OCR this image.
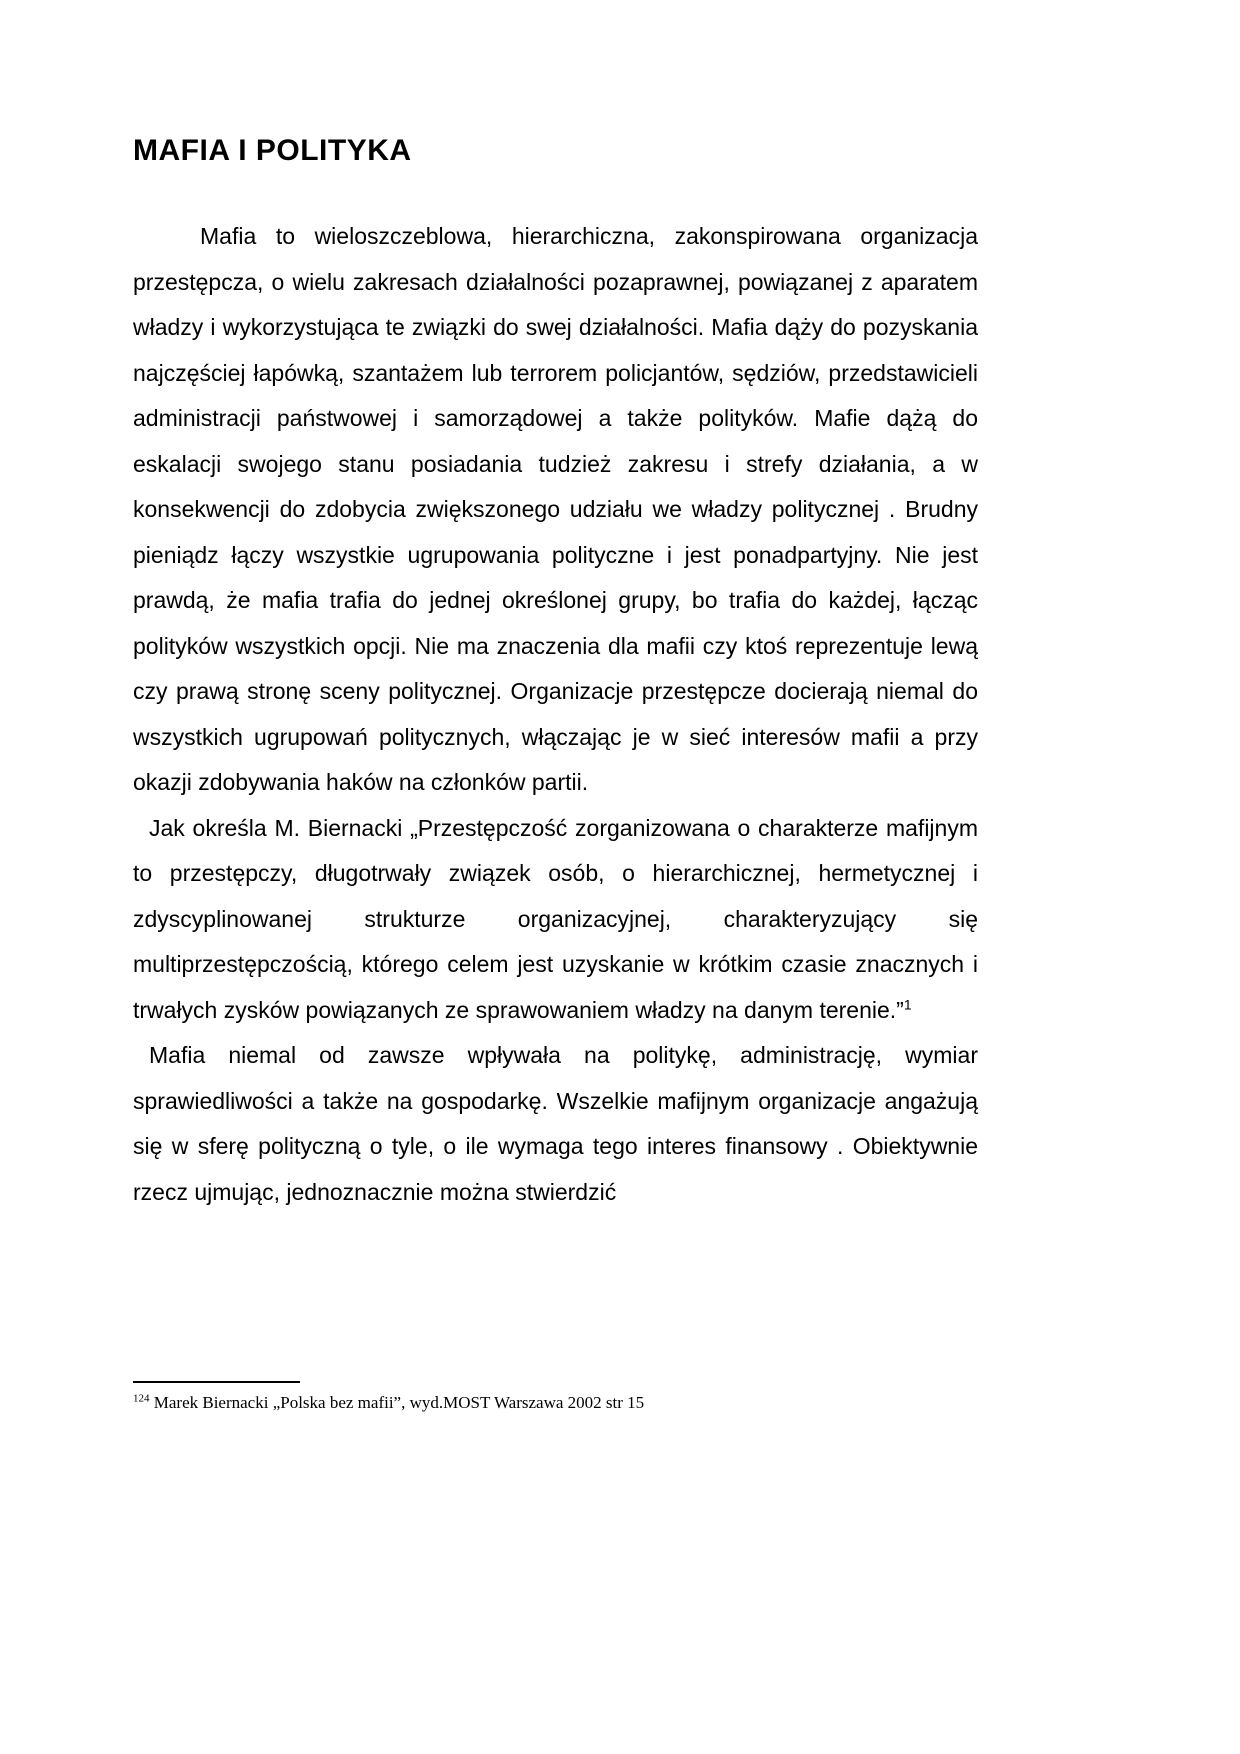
MAFIA I POLITYKA

Mafia to wieloszczeblowa, hierarchiczna, zakonspirowana organizacja przestępcza, o wielu zakresach działalności pozaprawnej, powiązanej z aparatem władzy i wykorzystująca te związki do swej działalności. Mafia dąży do pozyskania najczęściej łapówką, szantażem lub terrorem policjantów, sędziów, przedstawicieli administracji państwowej i samorządowej a także polityków. Mafie dążą do eskalacji swojego stanu posiadania tudzież zakresu i strefy działania, a w konsekwencji do zdobycia zwiększonego udziału we władzy politycznej . Brudny pieniądz łączy wszystkie ugrupowania polityczne i jest ponadpartyjny. Nie jest prawdą, że mafia trafia do jednej określonej grupy, bo trafia do każdej, łącząc polityków wszystkich opcji. Nie ma znaczenia dla mafii czy ktoś reprezentuje lewą czy prawą stronę sceny politycznej. Organizacje przestępcze docierają niemal do wszystkich ugrupowań politycznych, włączając je w sieć interesów mafii a przy okazji zdobywania haków na członków partii.

Jak określa M. Biernacki „Przestępczość zorganizowana o charakterze mafijnym to przestępczy, długotrwały związek osób, o hierarchicznej, hermetycznej i zdyscyplinowanej strukturze organizacyjnej, charakteryzujący się multiprzestępczością, którego celem jest uzyskanie w krótkim czasie znacznych i trwałych zysków powiązanych ze sprawowaniem władzy na danym terenie.”$^1$

Mafia niemal od zawsze wpływała na politykę, administrację, wymiar sprawiedliwości a także na gospodarkę. Wszelkie mafijnym organizacje angażują się w sferę polityczną o tyle, o ile wymaga tego interes finansowy . Obiektywnie rzecz ujmując, jednoznacznie można stwierdzić

$^{124}$ Marek Biernacki „Polska bez mafii”, wyd.MOST Warszawa 2002 str 15
